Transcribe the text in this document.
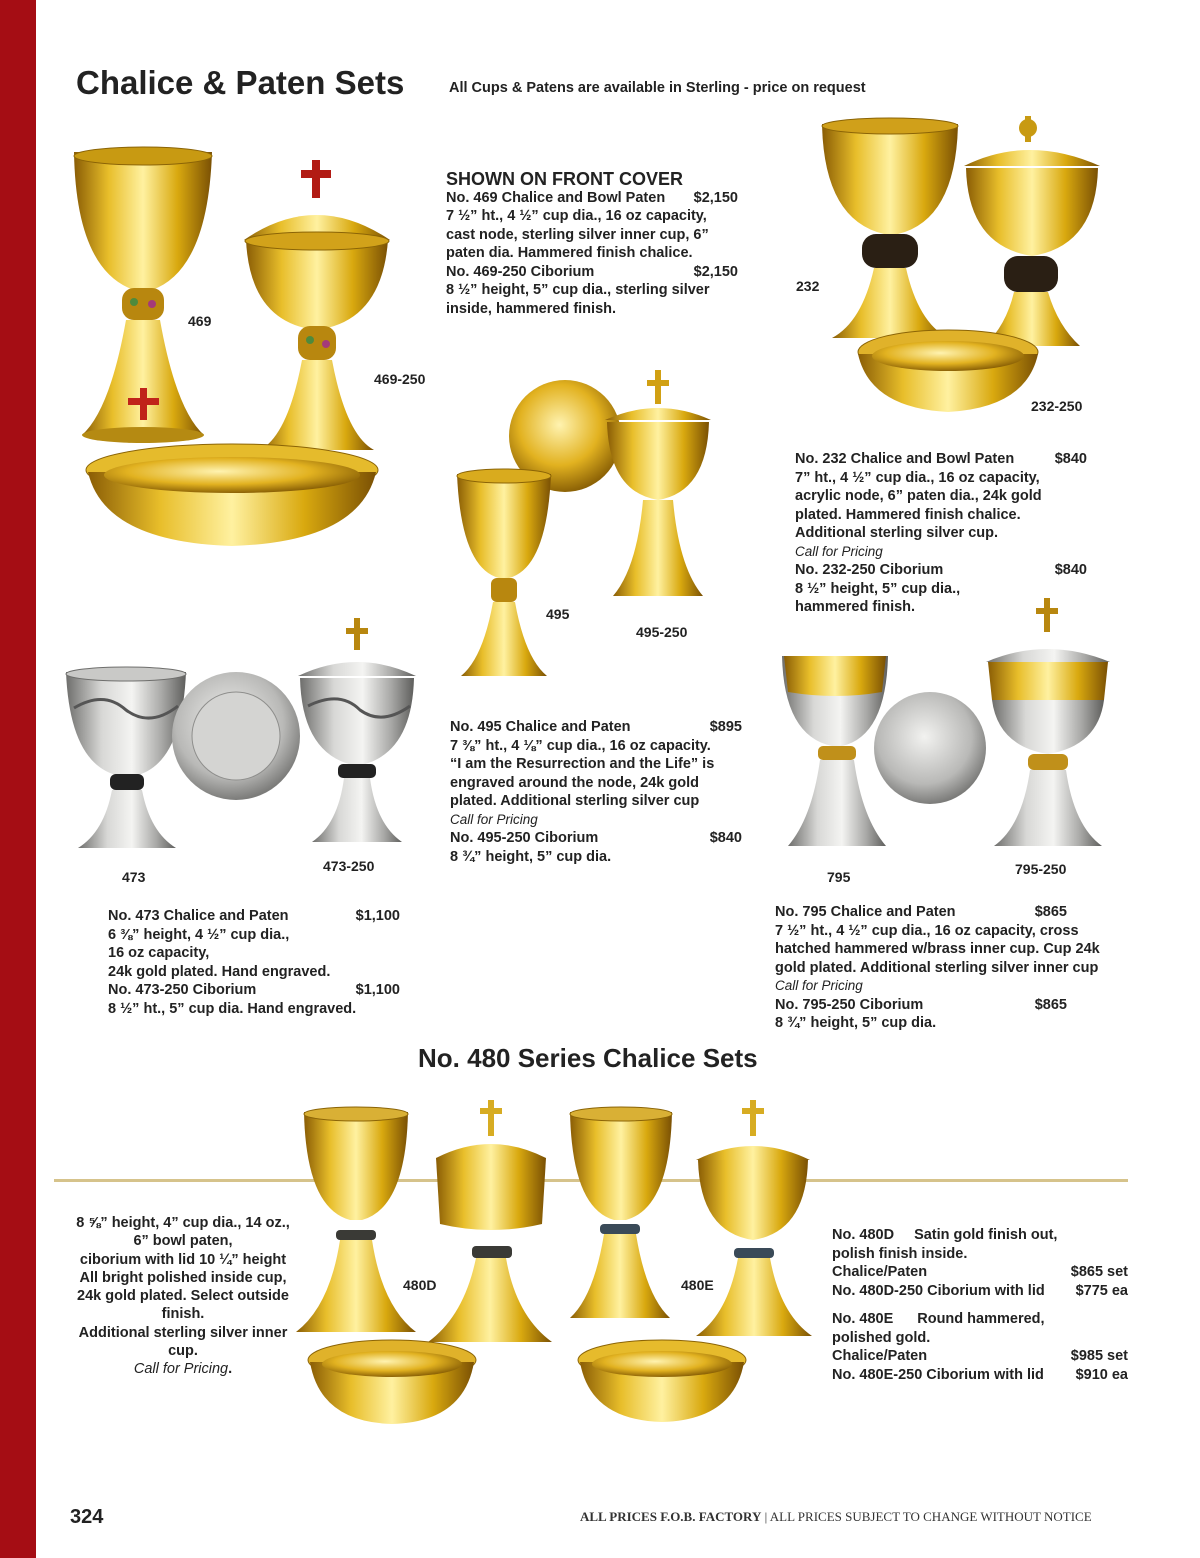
Chalice & Paten Sets	All Cups & Patens are available in Sterling - price on request
469
469-250
SHOWN ON FRONT COVER
No. 469 Chalice and Bowl Paten $2,150
7 ½” ht., 4 ½” cup dia., 16 oz capacity,
cast node, sterling silver inner cup, 6”
paten dia. Hammered finish chalice.
No. 469-250 Ciborium	$2,150
8 ½” height, 5” cup dia., sterling silver
inside, hammered finish.
232
232-250
No. 232 Chalice and Bowl Paten	$840
7” ht., 4 ½” cup dia., 16 oz capacity,
acrylic node, 6” paten dia., 24k gold
plated. Hammered finish chalice.
Additional sterling silver cup.
Call for Pricing
No. 232-250 Ciborium	$840
8 ½” height, 5” cup dia.,
hammered finish.
495
495-250
No. 495 Chalice and Paten	$895
7 ⅜” ht., 4 ⅛” cup dia., 16 oz capacity.
“I am the Resurrection and the Life” is
engraved around the node, 24k gold
plated. Additional sterling silver cup
Call for Pricing
No. 495-250 Ciborium	$840
8 ¾” height, 5” cup dia.
473
473-250
No. 473 Chalice and Paten	$1,100
6 ⅜” height, 4 ½” cup dia.,
16 oz capacity,
24k gold plated. Hand engraved.
No. 473-250 Ciborium	$1,100
8 ½” ht., 5” cup dia. Hand engraved.
795	795-250
No. 795 Chalice and Paten	$865
7 ½” ht., 4 ½” cup dia., 16 oz capacity, cross
hatched hammered w/brass inner cup. Cup 24k
gold plated. Additional sterling silver inner cup
Call for Pricing
No. 795-250 Ciborium	$865
8 ¾” height, 5” cup dia.
No. 480 Series Chalice Sets
480D	480E
8 ⅝” height, 4” cup dia., 14 oz.,
6” bowl paten,
ciborium with lid 10 ¼” height
All bright polished inside cup,
24k gold plated. Select outside
finish.
Additional sterling silver inner
cup.
Call for Pricing.
No. 480D Satin gold finish out,
polish finish inside.
Chalice/Paten	$865 set
No. 480D-250 Ciborium with lid $775 ea
No. 480E Round hammered,
polished gold.
Chalice/Paten	$985 set
No. 480E-250 Ciborium with lid $910 ea
324	ALL PRICES F.O.B. FACTORY | ALL PRICES SUBJECT TO CHANGE WITHOUT NOTICE
